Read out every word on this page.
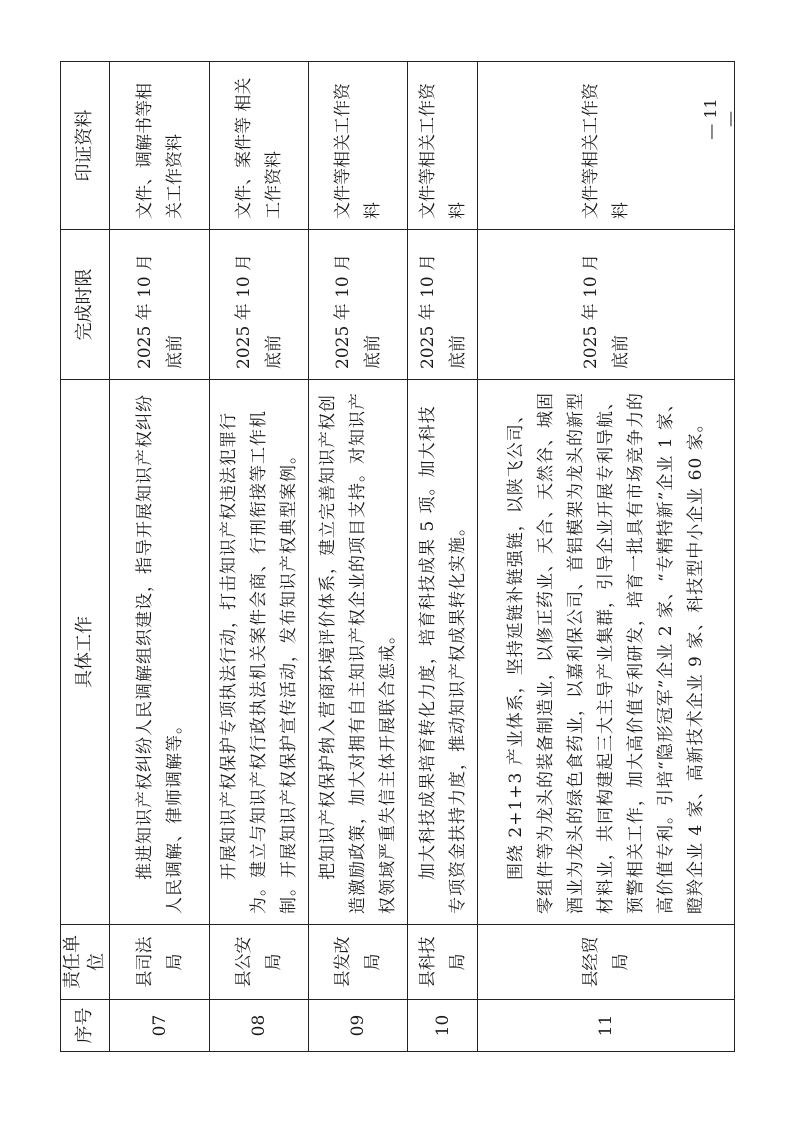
序号	责任单位	具体工作	完成时限	印证资料
07	县司法局	推进知识产权纠纷人民调解组织建设，指导开展知识产权纠纷人民调解、律师调解等。	2025 年 10 月底前	文件、调解书等相关工作资料
08	县公安局	开展知识产权保护专项执法行动，打击知识产权违法犯罪行为。建立与知识产权行政执法机关案件会商、行刑衔接等工作机制。开展知识产权保护宣传活动，发布知识产权典型案例。	2025 年 10 月底前	文件、案件等 相关工作资料
09	县发改局	把知识产权保护纳入营商环境评价体系，建立完善知识产权创造激励政策，加大对拥有自主知识产权企业的项目支持。对知识产权领域严重失信主体开展联合惩戒。	2025 年 10 月底前	文件等相关工作资料
10	县科技局	加大科技成果培育转化力度，培育科技成果 5 项。加大科技专项资金扶持力度，推动知识产权成果转化实施。	2025 年 10 月底前	文件等相关工作资料
11	县经贸局	围绕 2+1+3 产业体系，坚持延链补链强链，以陕飞公司、零组件等为龙头的装备制造业，以修正药业、天合、天然谷、城固酒业为龙头的绿色食药业，以嘉利保公司、首铝模架为龙头的新型材料业，共同构建起三大主导产业集群，引导企业开展专利导航、预警相关工作，加大高价值专利研发，培育一批具有市场竞争力的高价值专利。引培“隐形冠军”企业 2 家、“专精特新”企业 1 家、瞪羚企业 4 家、高新技术企业 9 家、科技型中小企业 60 家。	2025 年 10 月底前	文件等相关工作资料
— 11 —
